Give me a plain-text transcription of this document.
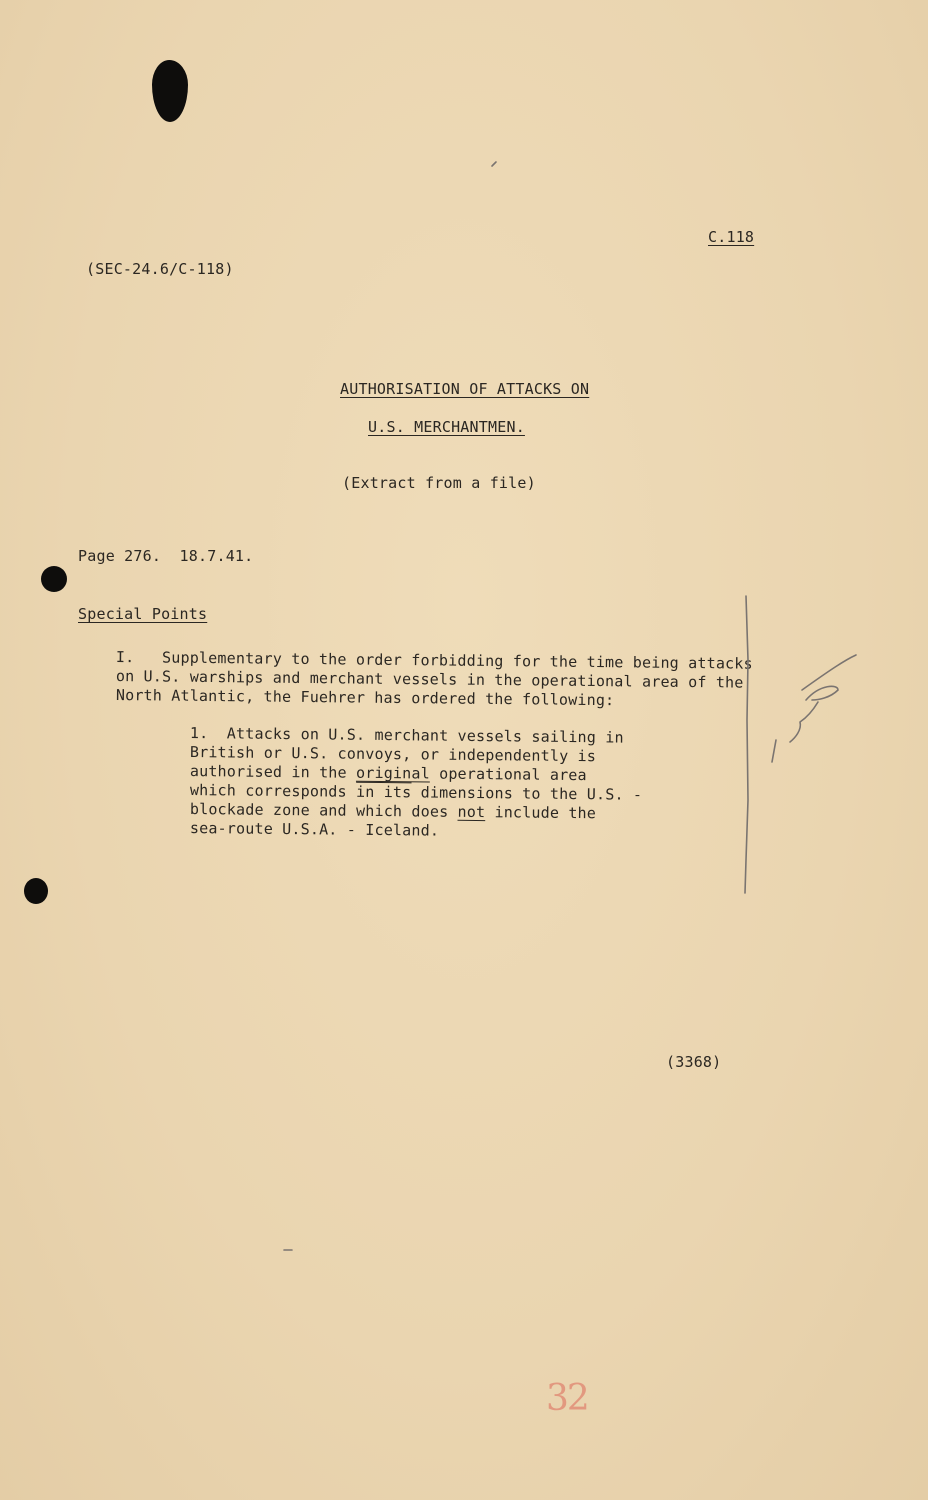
C.118
(SEC-24.6/C-118)
AUTHORISATION OF ATTACKS ON
U.S. MERCHANTMEN.
(Extract from a file)
Page 276.  18.7.41.
Special Points
I.   Supplementary to the order forbidding for the time being attacks
on U.S. warships and merchant vessels in the operational area of the
North Atlantic, the Fuehrer has ordered the following:
1.  Attacks on U.S. merchant vessels sailing in
British or U.S. convoys, or independently is
authorised in the original operational area
which corresponds in its dimensions to the U.S. -
blockade zone and which does not include the
sea-route U.S.A. - Iceland.
(3368)
32
